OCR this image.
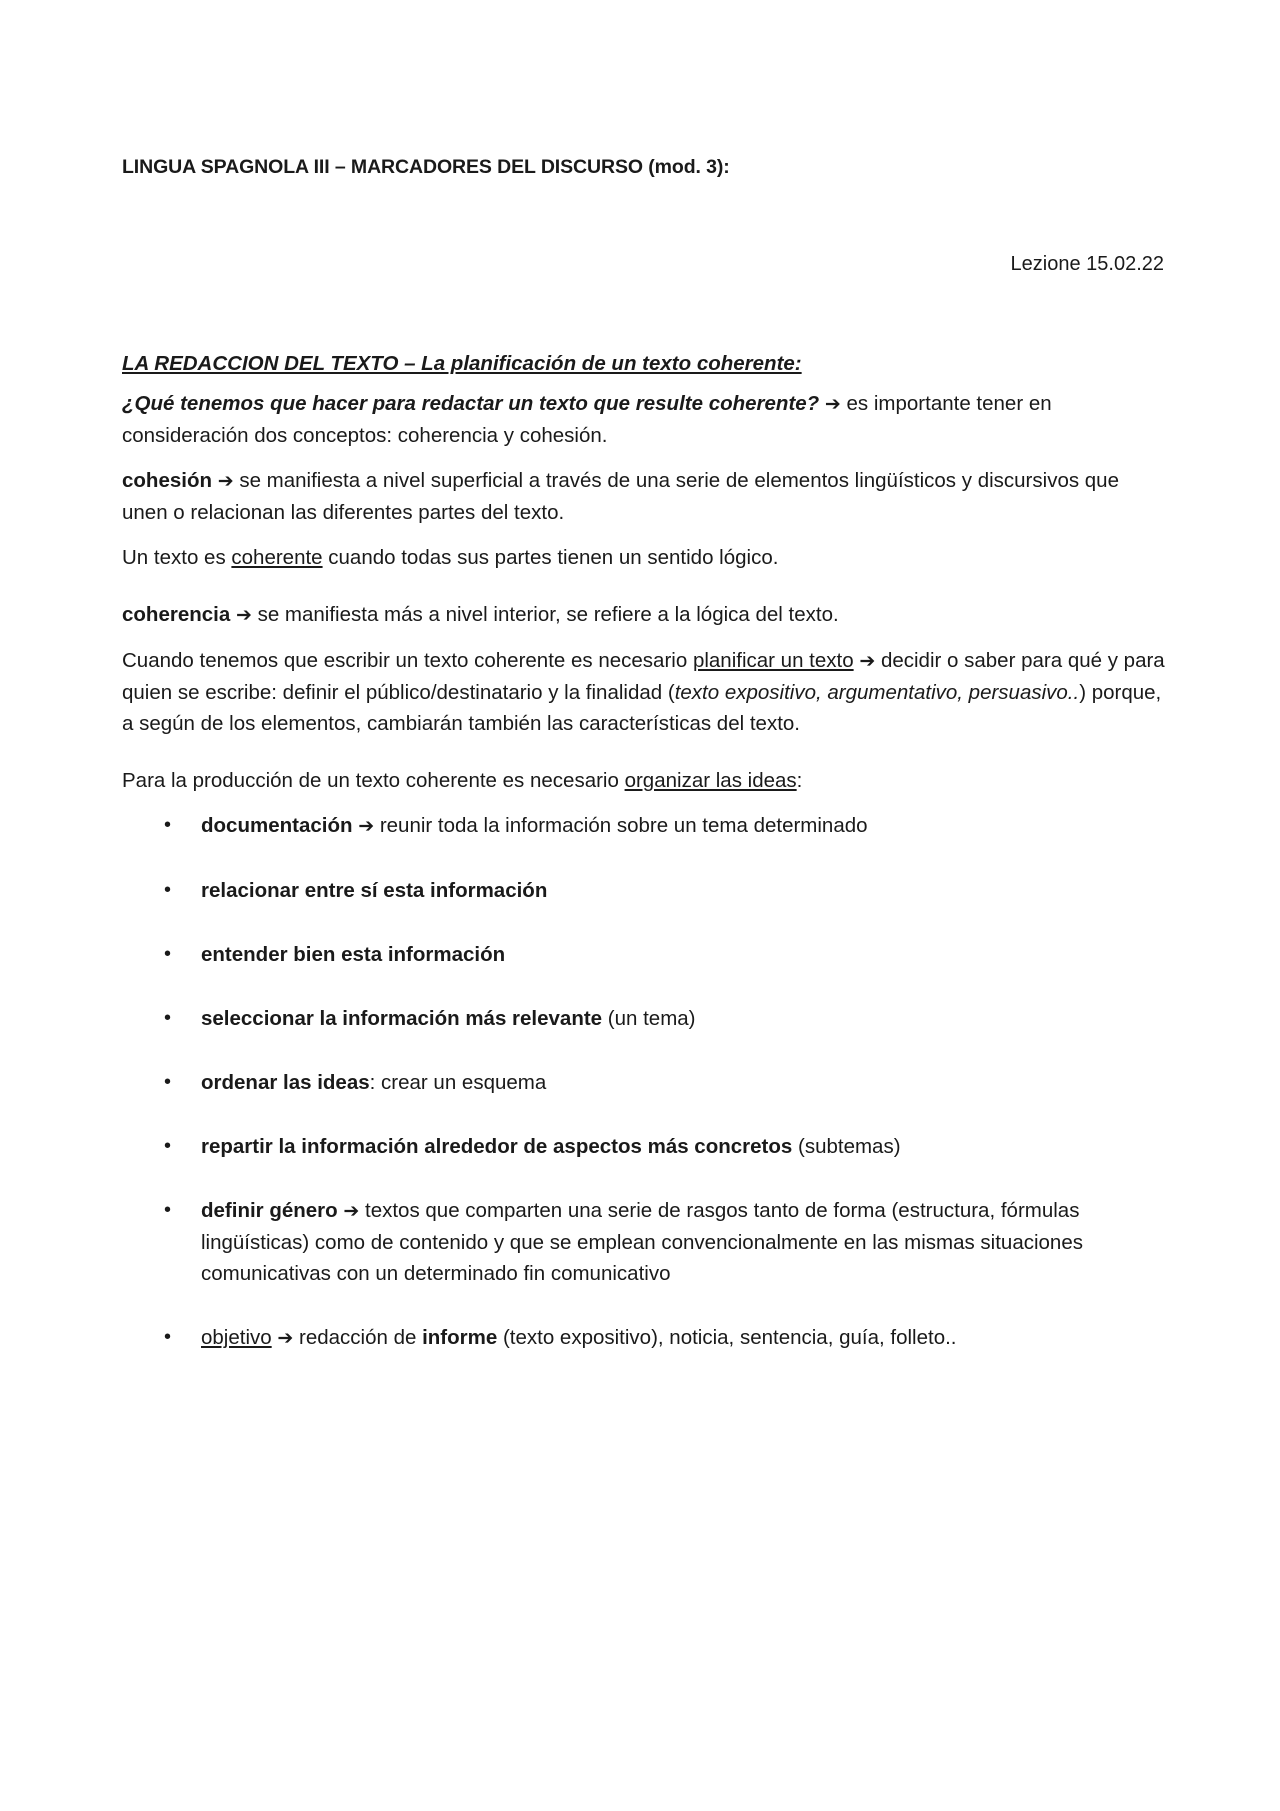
LINGUA SPAGNOLA III – MARCADORES DEL DISCURSO (mod. 3):

Lezione 15.02.22

LA REDACCION DEL TEXTO – La planificación de un texto coherente:

¿Qué tenemos que hacer para redactar un texto que resulte coherente? ➔ es importante tener en consideración dos conceptos: coherencia y cohesión.

cohesión ➔ se manifiesta a nivel superficial a través de una serie de elementos lingüísticos y discursivos que unen o relacionan las diferentes partes del texto.

Un texto es coherente cuando todas sus partes tienen un sentido lógico.

coherencia ➔ se manifiesta más a nivel interior, se refiere a la lógica del texto.

Cuando tenemos que escribir un texto coherente es necesario planificar un texto ➔ decidir o saber para qué y para quien se escribe: definir el público/destinatario y la finalidad (texto expositivo, argumentativo, persuasivo..) porque, a según de los elementos, cambiarán también las características del texto.

Para la producción de un texto coherente es necesario organizar las ideas:

• documentación ➔ reunir toda la información sobre un tema determinado
• relacionar entre sí esta información
• entender bien esta información
• seleccionar la información más relevante (un tema)
• ordenar las ideas: crear un esquema
• repartir la información alrededor de aspectos más concretos (subtemas)
• definir género ➔ textos que comparten una serie de rasgos tanto de forma (estructura, fórmulas lingüísticas) como de contenido y que se emplean convencionalmente en las mismas situaciones comunicativas con un determinado fin comunicativo
• objetivo ➔ redacción de informe (texto expositivo), noticia, sentencia, guía, folleto..
